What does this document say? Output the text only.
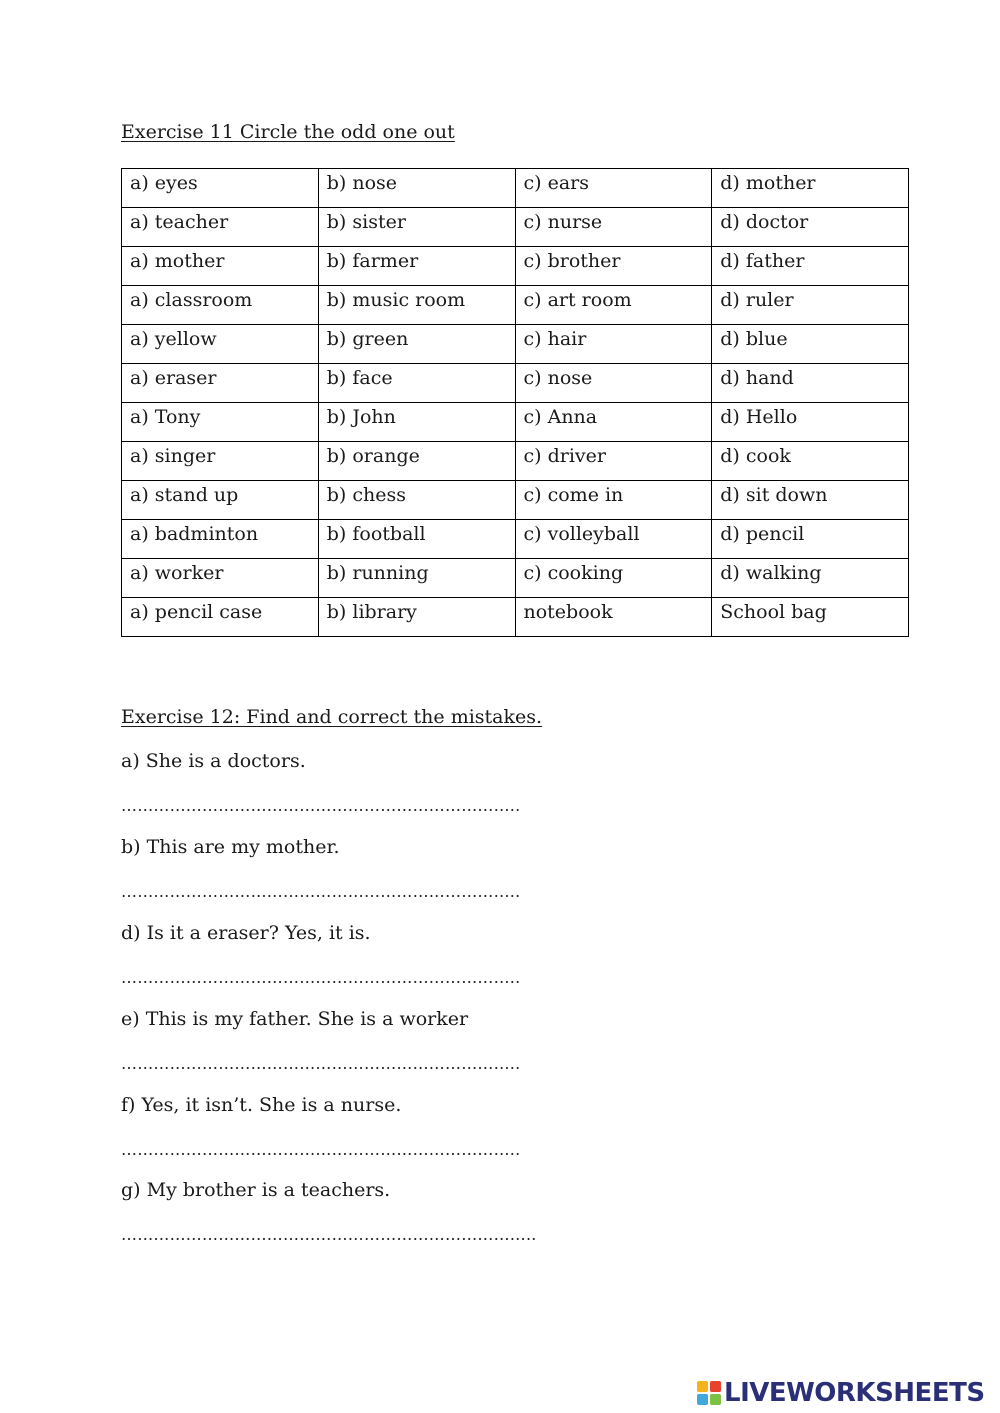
Exercise 11 Circle the odd one out
a) eyes	b) nose	c) ears	d) mother
a) teacher	b) sister	c) nurse	d) doctor
a) mother	b) farmer	c) brother	d) father
a) classroom	b) music room	c) art room	d) ruler
a) yellow	b) green	c) hair	d) blue
a) eraser	b) face	c) nose	d) hand
a) Tony	b) John	c) Anna	d) Hello
a) singer	b) orange	c) driver	d) cook
a) stand up	b) chess	c) come in	d) sit down
a) badminton	b) football	c) volleyball	d) pencil
a) worker	b) running	c) cooking	d) walking
a) pencil case	b) library	notebook	School bag
Exercise 12: Find and correct the mistakes.
a) She is a doctors.
………………………………………………………………..
b) This are my mother.
………………………………………………………………..
d) Is it a eraser? Yes, it is.
………………………………………………………………..
e) This is my father. She is a worker
………………………………………………………………..
f) Yes, it isn’t. She is a nurse.
………………………………………………………………..
g) My brother is a teachers.
…………………………………………………………………..
LIVEWORKSHEETS
